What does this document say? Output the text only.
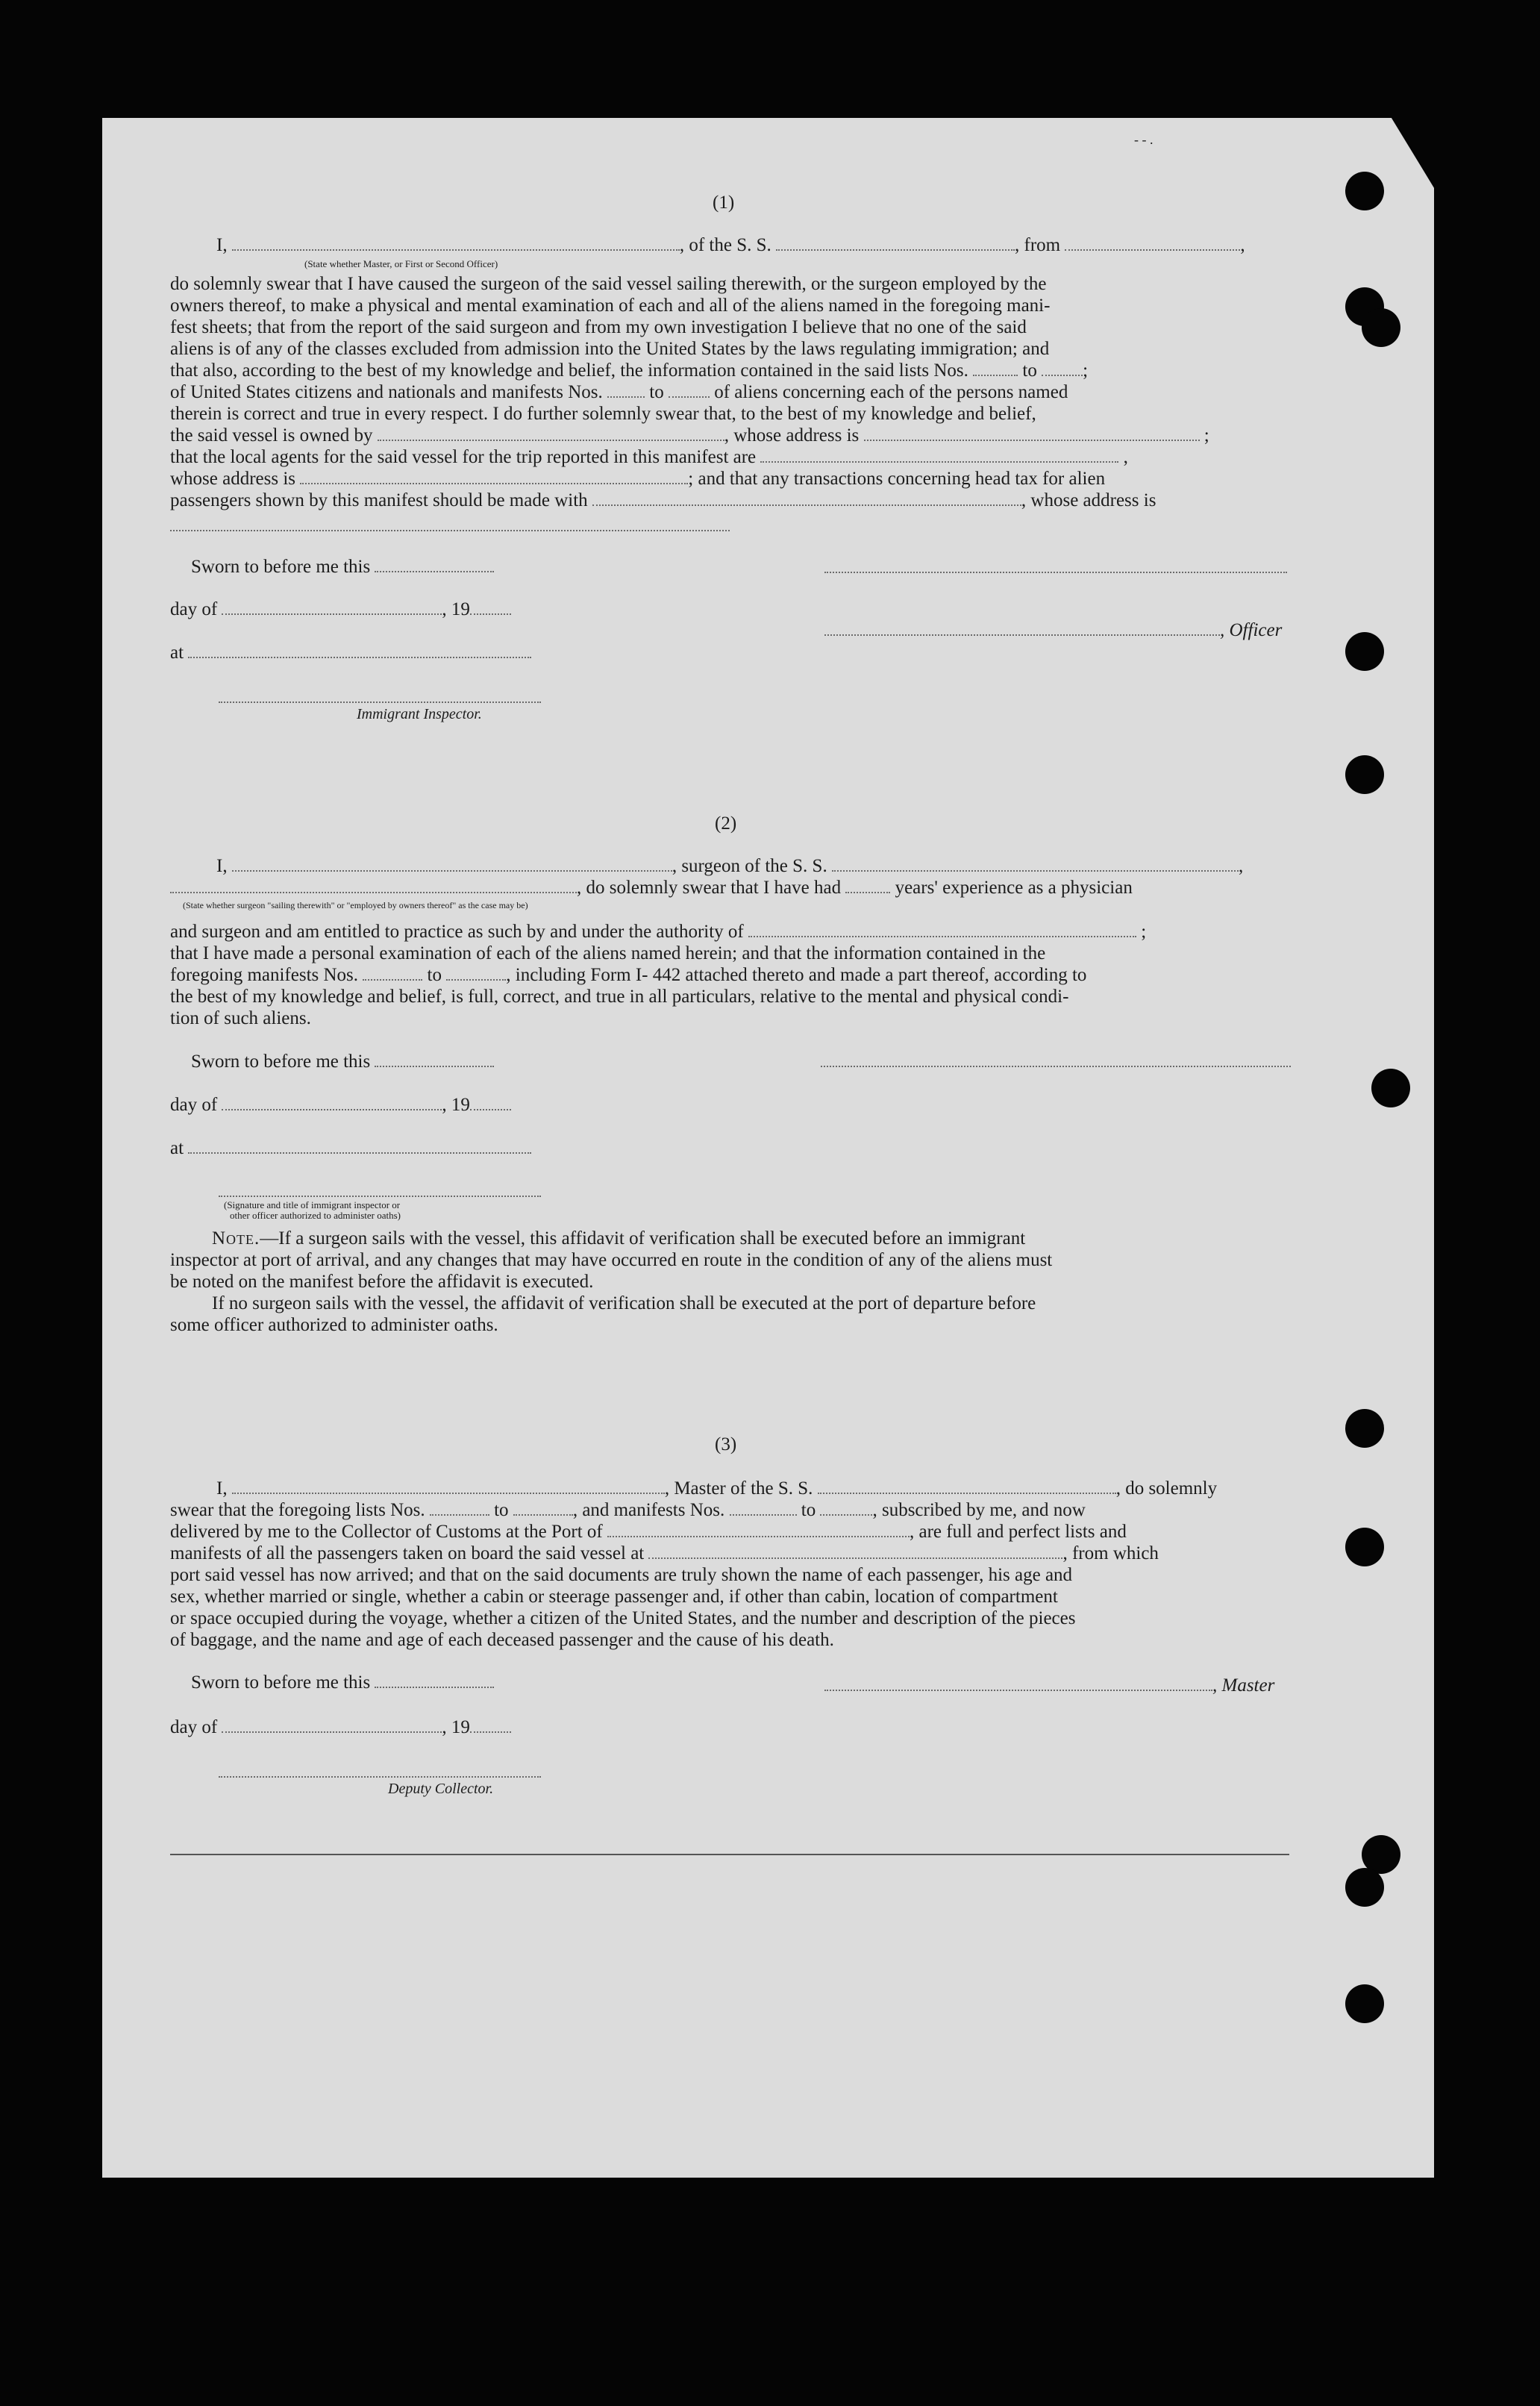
- - .
(1)
I,	, of the S. S.	, from	,
(State whether Master, or First or Second Officer)
do solemnly swear that I have caused the surgeon of the said vessel sailing therewith, or the surgeon employed by the
owners thereof, to make a physical and mental examination of each and all of the aliens named in the foregoing mani-
fest sheets; that from the report of the said surgeon and from my own investigation I believe that no one of the said
aliens is of any of the classes excluded from admission into the United States by the laws regulating immigration; and
that also, according to the best of my knowledge and belief, the information contained in the said lists Nos.	to ;
of United States citizens and nationals and manifests Nos.	to	of aliens concerning each of the persons named
therein is correct and true in every respect. I do further solemnly swear that, to the best of my knowledge and belief,
the said vessel is owned by	, whose address is	;
that the local agents for the said vessel for the trip reported in this manifest are	,
whose address is	; and that any transactions concerning head tax for alien
passengers shown by this manifest should be made with	, whose address is
Sworn to before me this
day of	, 19
, Officer
at
Immigrant Inspector.
(2)
I,	, surgeon of the S. S.	,
, do solemnly swear that I have had	years' experience as a physician
(State whether surgeon "sailing therewith" or "employed by owners thereof" as the case may be)
and surgeon and am entitled to practice as such by and under the authority of	;
that I have made a personal examination of each of the aliens named herein; and that the information contained in the
foregoing manifests Nos.	to	, including Form I- 442 attached thereto and made a part thereof, according to
the best of my knowledge and belief, is full, correct, and true in all particulars, relative to the mental and physical condi-
tion of such aliens.
Sworn to before me this
day of	, 19
at
(Signature and title of immigrant inspector or
other officer authorized to administer oaths)
Note.—If a surgeon sails with the vessel, this affidavit of verification shall be executed before an immigrant
inspector at port of arrival, and any changes that may have occurred en route in the condition of any of the aliens must
be noted on the manifest before the affidavit is executed.
If no surgeon sails with the vessel, the affidavit of verification shall be executed at the port of departure before
some officer authorized to administer oaths.
(3)
I,	, Master of the S. S.	, do solemnly
swear that the foregoing lists Nos.	to	, and manifests Nos.	to	, subscribed by me, and now
delivered by me to the Collector of Customs at the Port of	, are full and perfect lists and
manifests of all the passengers taken on board the said vessel at	, from which
port said vessel has now arrived; and that on the said documents are truly shown the name of each passenger, his age and
sex, whether married or single, whether a cabin or steerage passenger and, if other than cabin, location of compartment
or space occupied during the voyage, whether a citizen of the United States, and the number and description of the pieces
of baggage, and the name and age of each deceased passenger and the cause of his death.
Sworn to before me this	, Master
day of	, 19
Deputy Collector.
